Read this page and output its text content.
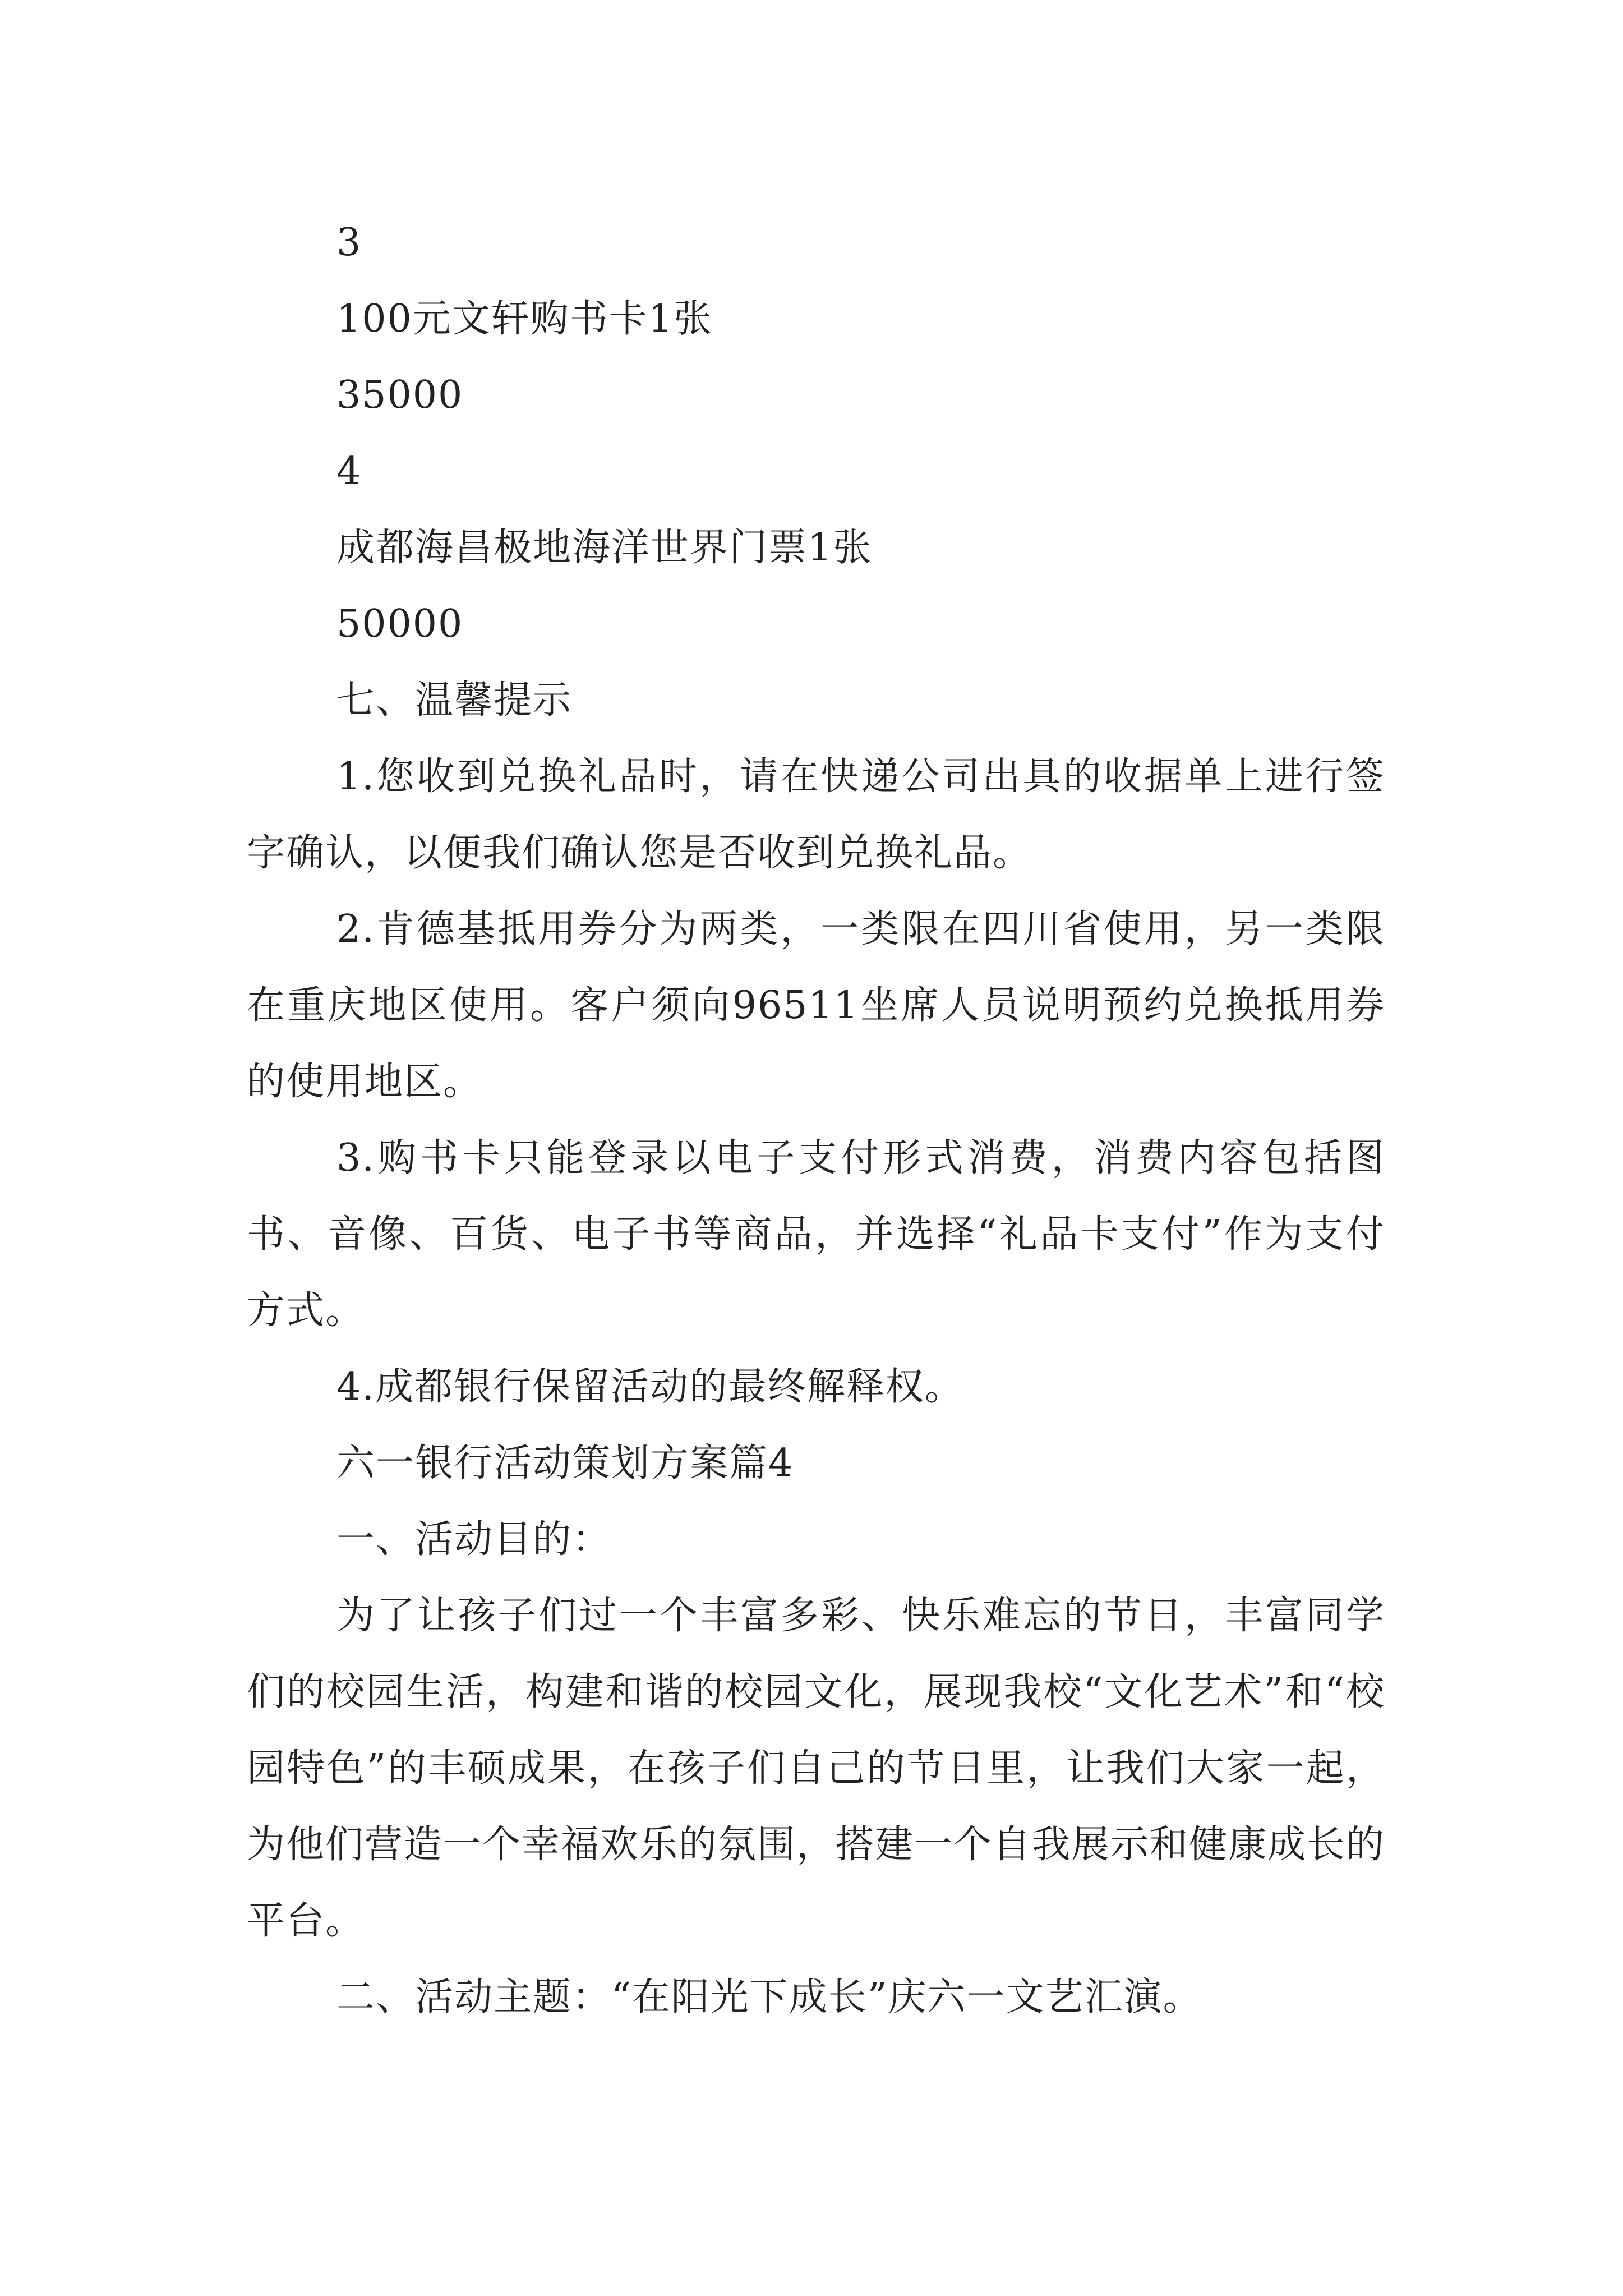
3

100元文轩购书卡1张

35000

4

成都海昌极地海洋世界门票1张

50000

七、温馨提示

1.您收到兑换礼品时，请在快递公司出具的收据单上进行签字确认，以便我们确认您是否收到兑换礼品。

2.肯德基抵用券分为两类，一类限在四川省使用，另一类限在重庆地区使用。客户须向96511坐席人员说明预约兑换抵用券的使用地区。

3.购书卡只能登录以电子支付形式消费，消费内容包括图书、音像、百货、电子书等商品，并选择“礼品卡支付”作为支付方式。

4.成都银行保留活动的最终解释权。

六一银行活动策划方案篇4

一、活动目的：

为了让孩子们过一个丰富多彩、快乐难忘的节日，丰富同学们的校园生活，构建和谐的校园文化，展现我校“文化艺术”和“校园特色”的丰硕成果，在孩子们自己的节日里，让我们大家一起，为他们营造一个幸福欢乐的氛围，搭建一个自我展示和健康成长的平台。

二、活动主题：“在阳光下成长”庆六一文艺汇演。
